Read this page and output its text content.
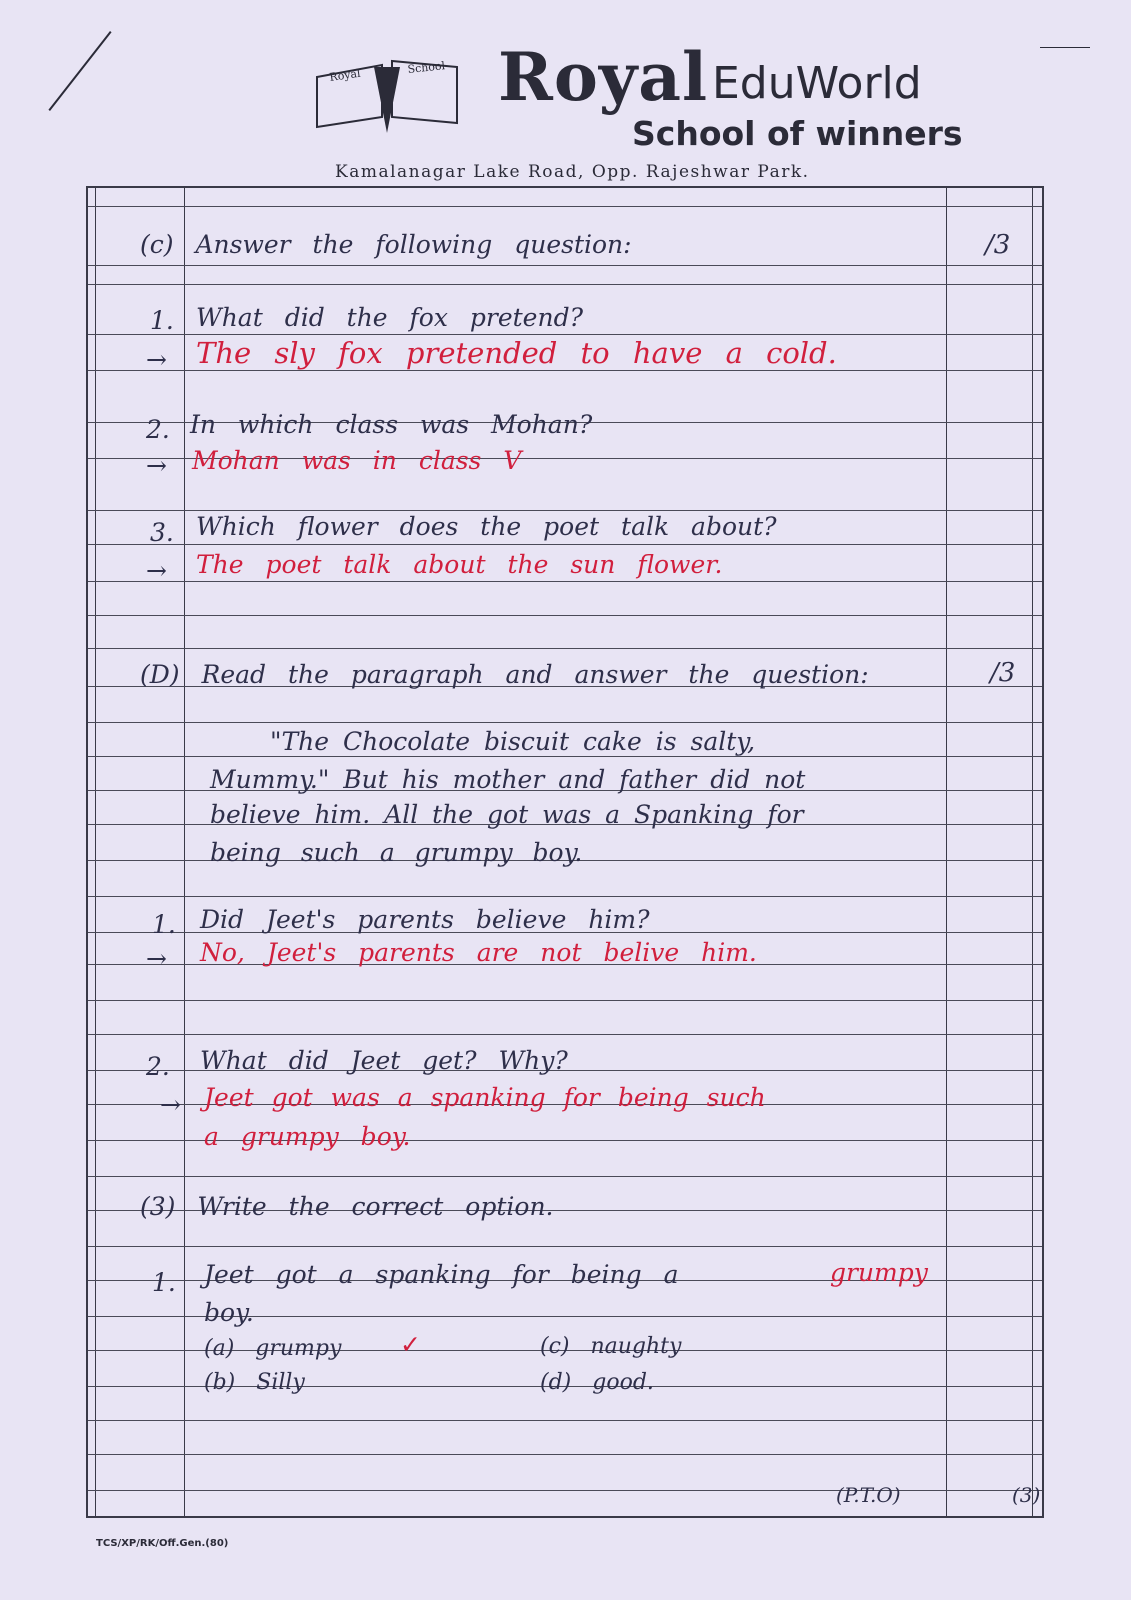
Royal	School Royal EduWorld
School of winners
Kamalanagar Lake Road, Opp. Rajeshwar Park.
(c) Answer the following question:	/3
1. What did the fox pretend?
→ The sly fox pretended to have a cold.
2. In which class was Mohan?
→ Mohan was in class V
3. Which flower does the poet talk about?
→ The poet talk about the sun flower.
(D) Read the paragraph and answer the question:	/3
"The Chocolate biscuit cake is salty,
Mummy." But his mother and father did not
believe him. All the got was a Spanking for
being such a grumpy boy.
1. Did Jeet's parents believe him?
→ No, Jeet's parents are not belive him.
2. What did Jeet get? Why?
→ Jeet got was a spanking for being such
a grumpy boy.
(3) Write the correct option.
1. Jeet got a spanking for being a	grumpy
boy.
(a) grumpy ✓
(b) Silly
(c) naughty
(d) good.
(P.T.O)	(3)
TCS/XP/RK/Off.Gen.(80)
